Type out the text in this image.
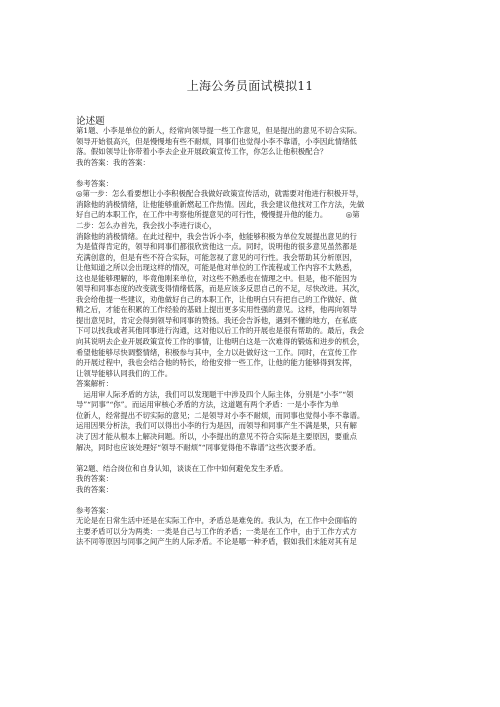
上海公务员面试模拟11
论述题
第1题、小李是单位的新人，经常向领导提一些工作意见，但是提出的意见不切合实际。
领导开始很高兴，但是慢慢地有些不耐烦，同事们也觉得小李不靠谱，小李因此情绪低
落。假如领导让你带着小李去企业开展政策宣传工作，你怎么让他积极配合？
我的答案：我的答案：
参考答案：
◎第一步：怎么看要想让小李积极配合我做好政策宣传活动，就需要对他进行积极开导，
消除他的消极情绪，让他能够重新燃起工作热情。因此，我会建议他找对工作方法，先做
好自己的本职工作，在工作中考察他所提意见的可行性，慢慢提升他的能力。　　　◎第
二步：怎么办首先，我会找小李进行谈心，
消除他的消极情绪。在此过程中，我会告诉小李，他能够积极为单位发展提出意见的行
为是值得肯定的，领导和同事们都很欣赏他这一点。同时，说明他的很多意见虽然都是
充满创意的，但是有些不符合实际，可能忽视了意见的可行性。我会帮助其分析原因，
让他知道之所以会出现这样的情况，可能是他对单位的工作流程或工作内容不太熟悉，
这也是能够理解的，毕竟他刚来单位，对这些不熟悉也在情理之中。但是，他不能因为
领导和同事态度的改变就变得情绪低落，而是应该多反思自己的不足，尽快改进。其次，
我会给他提一些建议，劝他做好自己的本职工作，让他明白只有把自己的工作做好、做
精之后，才能在积累的工作经验的基础上提出更多实用性强的意见。这样，他再向领导
提出意见时，肯定会得到领导和同事的赞扬。我还会告诉他，遇到不懂的地方，在私底
下可以找我或者其他同事进行沟通，这对他以后工作的开展也是很有帮助的。最后，我会
向其说明去企业开展政策宣传工作的事情，让他明白这是一次难得的锻炼和进步的机会，
希望他能够尽快调整情绪，积极参与其中，全力以赴做好这一工作。同时，在宣传工作
的开展过程中，我也会结合他的特长，给他安排一些工作，让他的能力能够得到发挥，
让领导能够认同我们的工作。
答案解析：
　运用审人际矛盾的方法，我们可以发现题干中涉及四个人际主体，分别是“小李”“领
导”“同事”“你”。而运用审核心矛盾的方法，这道题有两个矛盾：一是小李作为单
位新人，经常提出不切实际的意见；二是领导对小李不耐烦，而同事也觉得小李不靠谱。
运用因果分析法，我们可以得出小李的行为是因，而领导和同事产生不满是果，只有解
决了因才能从根本上解决问题。所以，小李提出的意见不符合实际是主要原因，要重点
解决，同时也应该处理好“领导不耐烦”“同事觉得他不靠谱”这些次要矛盾。
第2题、结合岗位和自身认知，谈谈在工作中如何避免发生矛盾。
我的答案：
我的答案：
参考答案：
无论是在日常生活中还是在实际工作中，矛盾总是难免的。我认为，在工作中会面临的
主要矛盾可以分为两类：一类是自己与工作的矛盾；一类是在工作中，由于工作方式方
法不同等原因与同事之间产生的人际矛盾。不论是哪一种矛盾，假如我们未能对其有足
